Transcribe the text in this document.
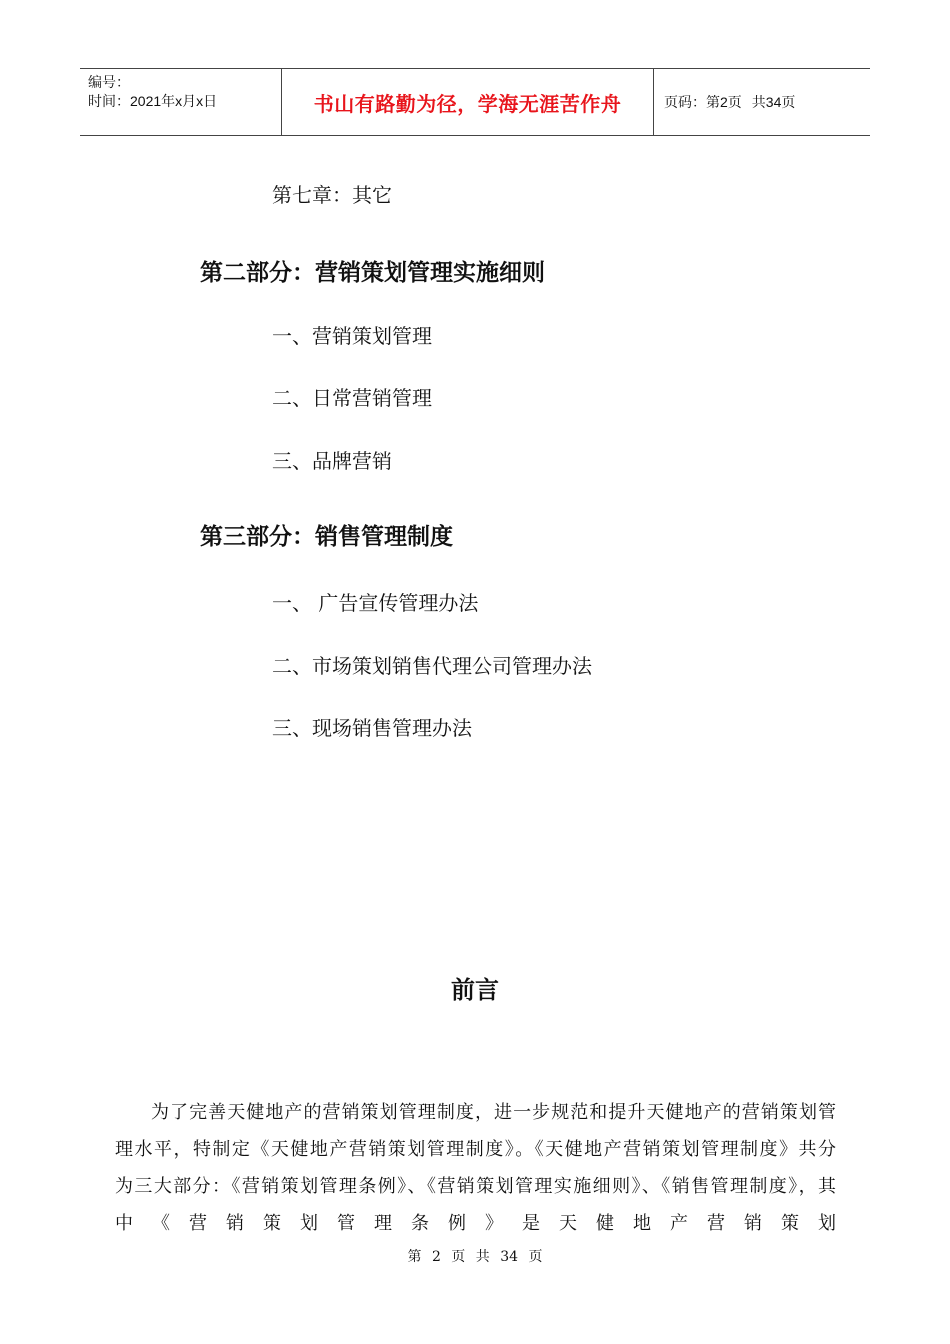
编号：
时间：2021年x月x日	书山有路勤为径，学海无涯苦作舟	页码：第2页 共34页
第七章：其它
第二部分：营销策划管理实施细则
一、营销策划管理
二、日常营销管理
三、品牌营销
第三部分：销售管理制度
一、 广告宣传管理办法
二、市场策划销售代理公司管理办法
三、现场销售管理办法
前言
为了完善天健地产的营销策划管理制度，进一步规范和提升天健地产的营销策划管理水平，特制定《天健地产营销策划管理制度》。《天健地产营销策划管理制度》共分为三大部分：《营销策划管理条例》、《营销策划管理实施细则》、《销售管理制度》，其中《营销策划管理条例》是天健地产营销策划
第 2 页 共 34 页
